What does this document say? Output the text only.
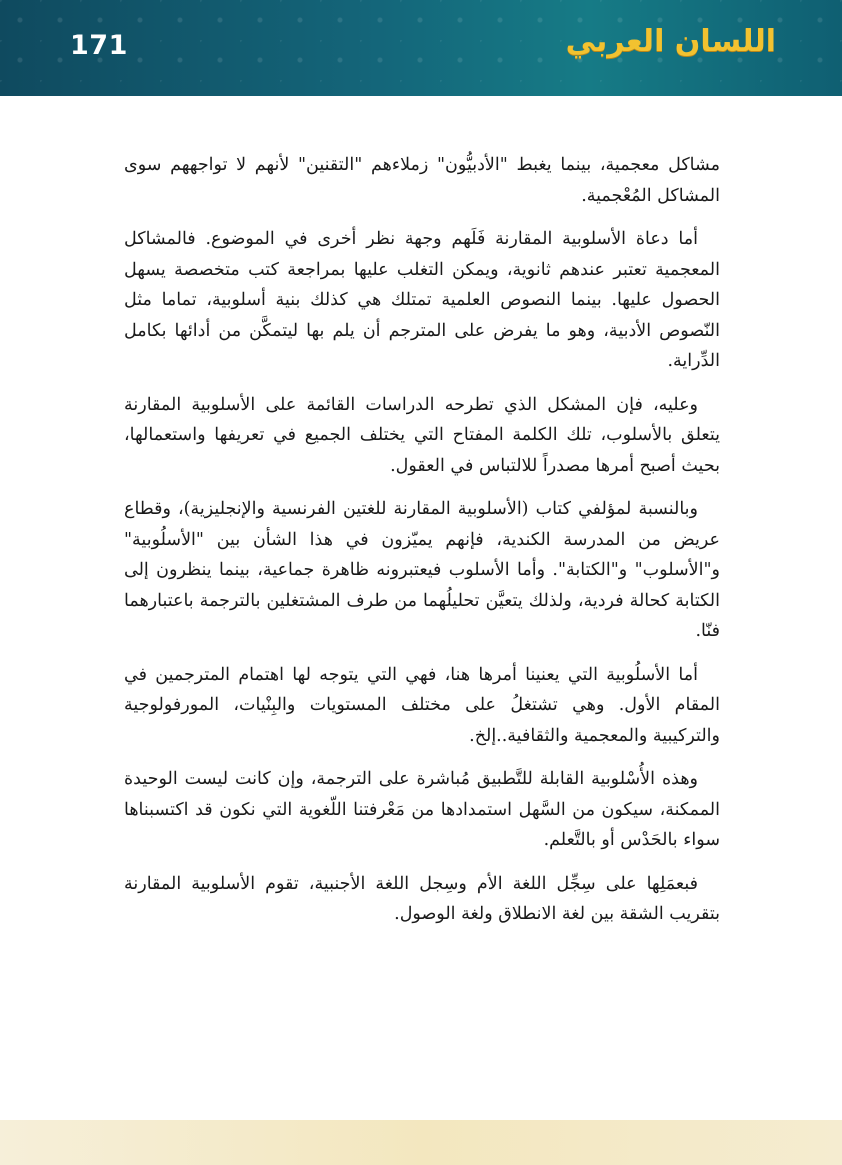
171	اللسان العربي

مشاكل معجمية، بينما يغبط "الأدبيُّون" زملاءهم "التقنين" لأنهم لا تواجههم سوى المشاكل المُعْجمية.

أما دعاة الأسلوبية المقارنة فَلَهم وجهة نظر أخرى في الموضوع. فالمشاكل المعجمية تعتبر عندهم ثانوية، ويمكن التغلب عليها بمراجعة كتب متخصصة يسهل الحصول عليها. بينما النصوص العلمية تمتلك هي كذلك بنية أسلوبية، تماما مثل النّصوص الأدبية، وهو ما يفرض على المترجم أن يلم بها ليتمكَّن من أدائها بكامل الدِّراية.

وعليه، فإن المشكل الذي تطرحه الدراسات القائمة على الأسلوبية المقارنة يتعلق بالأسلوب، تلك الكلمة المفتاح التي يختلف الجميع في تعريفها واستعمالها، بحيث أصبح أمرها مصدراً للالتباس في العقول.

وبالنسبة لمؤلفي كتاب (الأسلوبية المقارنة للغتين الفرنسية والإنجليزية)، وقطاع عريض من المدرسة الكندية، فإنهم يميّزون في هذا الشأن بين "الأسلُوبية" و"الأسلوب" و"الكتابة". وأما الأسلوب فيعتبرونه ظاهرة جماعية، بينما ينظرون إلى الكتابة كحالة فردية، ولذلك يتعيَّن تحليلُهما من طرف المشتغلين بالترجمة باعتبارهما فنّا.

أما الأسلُوبية التي يعنينا أمرها هنا، فهي التي يتوجه لها اهتمام المترجمين في المقام الأول. وهي تشتغلُ على مختلف المستويات والبِنْيات، المورفولوجية والتركيبية والمعجمية والثقافية..إلخ.

وهذه الأُسْلوبية القابلة للتَّطبيق مُباشرة على الترجمة، وإن كانت ليست الوحيدة الممكنة، سيكون من السَّهل استمدادها من مَعْرفتنا اللّغوية التي نكون قد اكتسبناها سواء بالحَدْس أو بالتَّعلم.

فبعمَلِها على سِجِّل اللغة الأم وسِجل اللغة الأجنبية، تقوم الأسلوبية المقارنة بتقريب الشقة بين لغة الانطلاق ولغة الوصول.
